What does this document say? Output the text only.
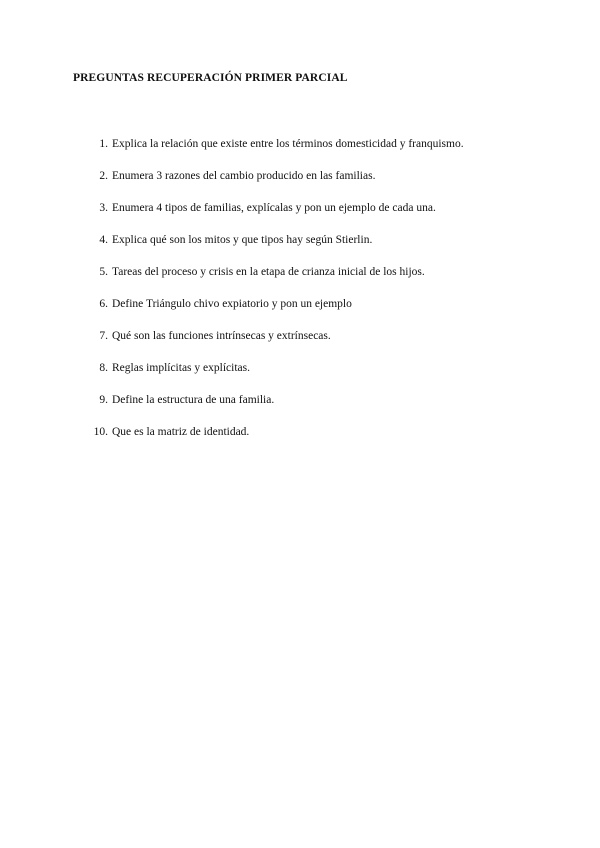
PREGUNTAS RECUPERACIÓN PRIMER PARCIAL
1. Explica la relación que existe entre los términos domesticidad y franquismo.
2. Enumera 3 razones del cambio producido en las familias.
3. Enumera 4 tipos de familias, explícalas y pon un ejemplo de cada una.
4. Explica qué son los mitos y que tipos hay según Stierlin.
5. Tareas del proceso y crisis en la etapa de crianza inicial de los hijos.
6. Define Triángulo chivo expiatorio y pon un ejemplo
7. Qué son las funciones intrínsecas y extrínsecas.
8. Reglas implícitas y explícitas.
9. Define la estructura de una familia.
10. Que es la matriz de identidad.
